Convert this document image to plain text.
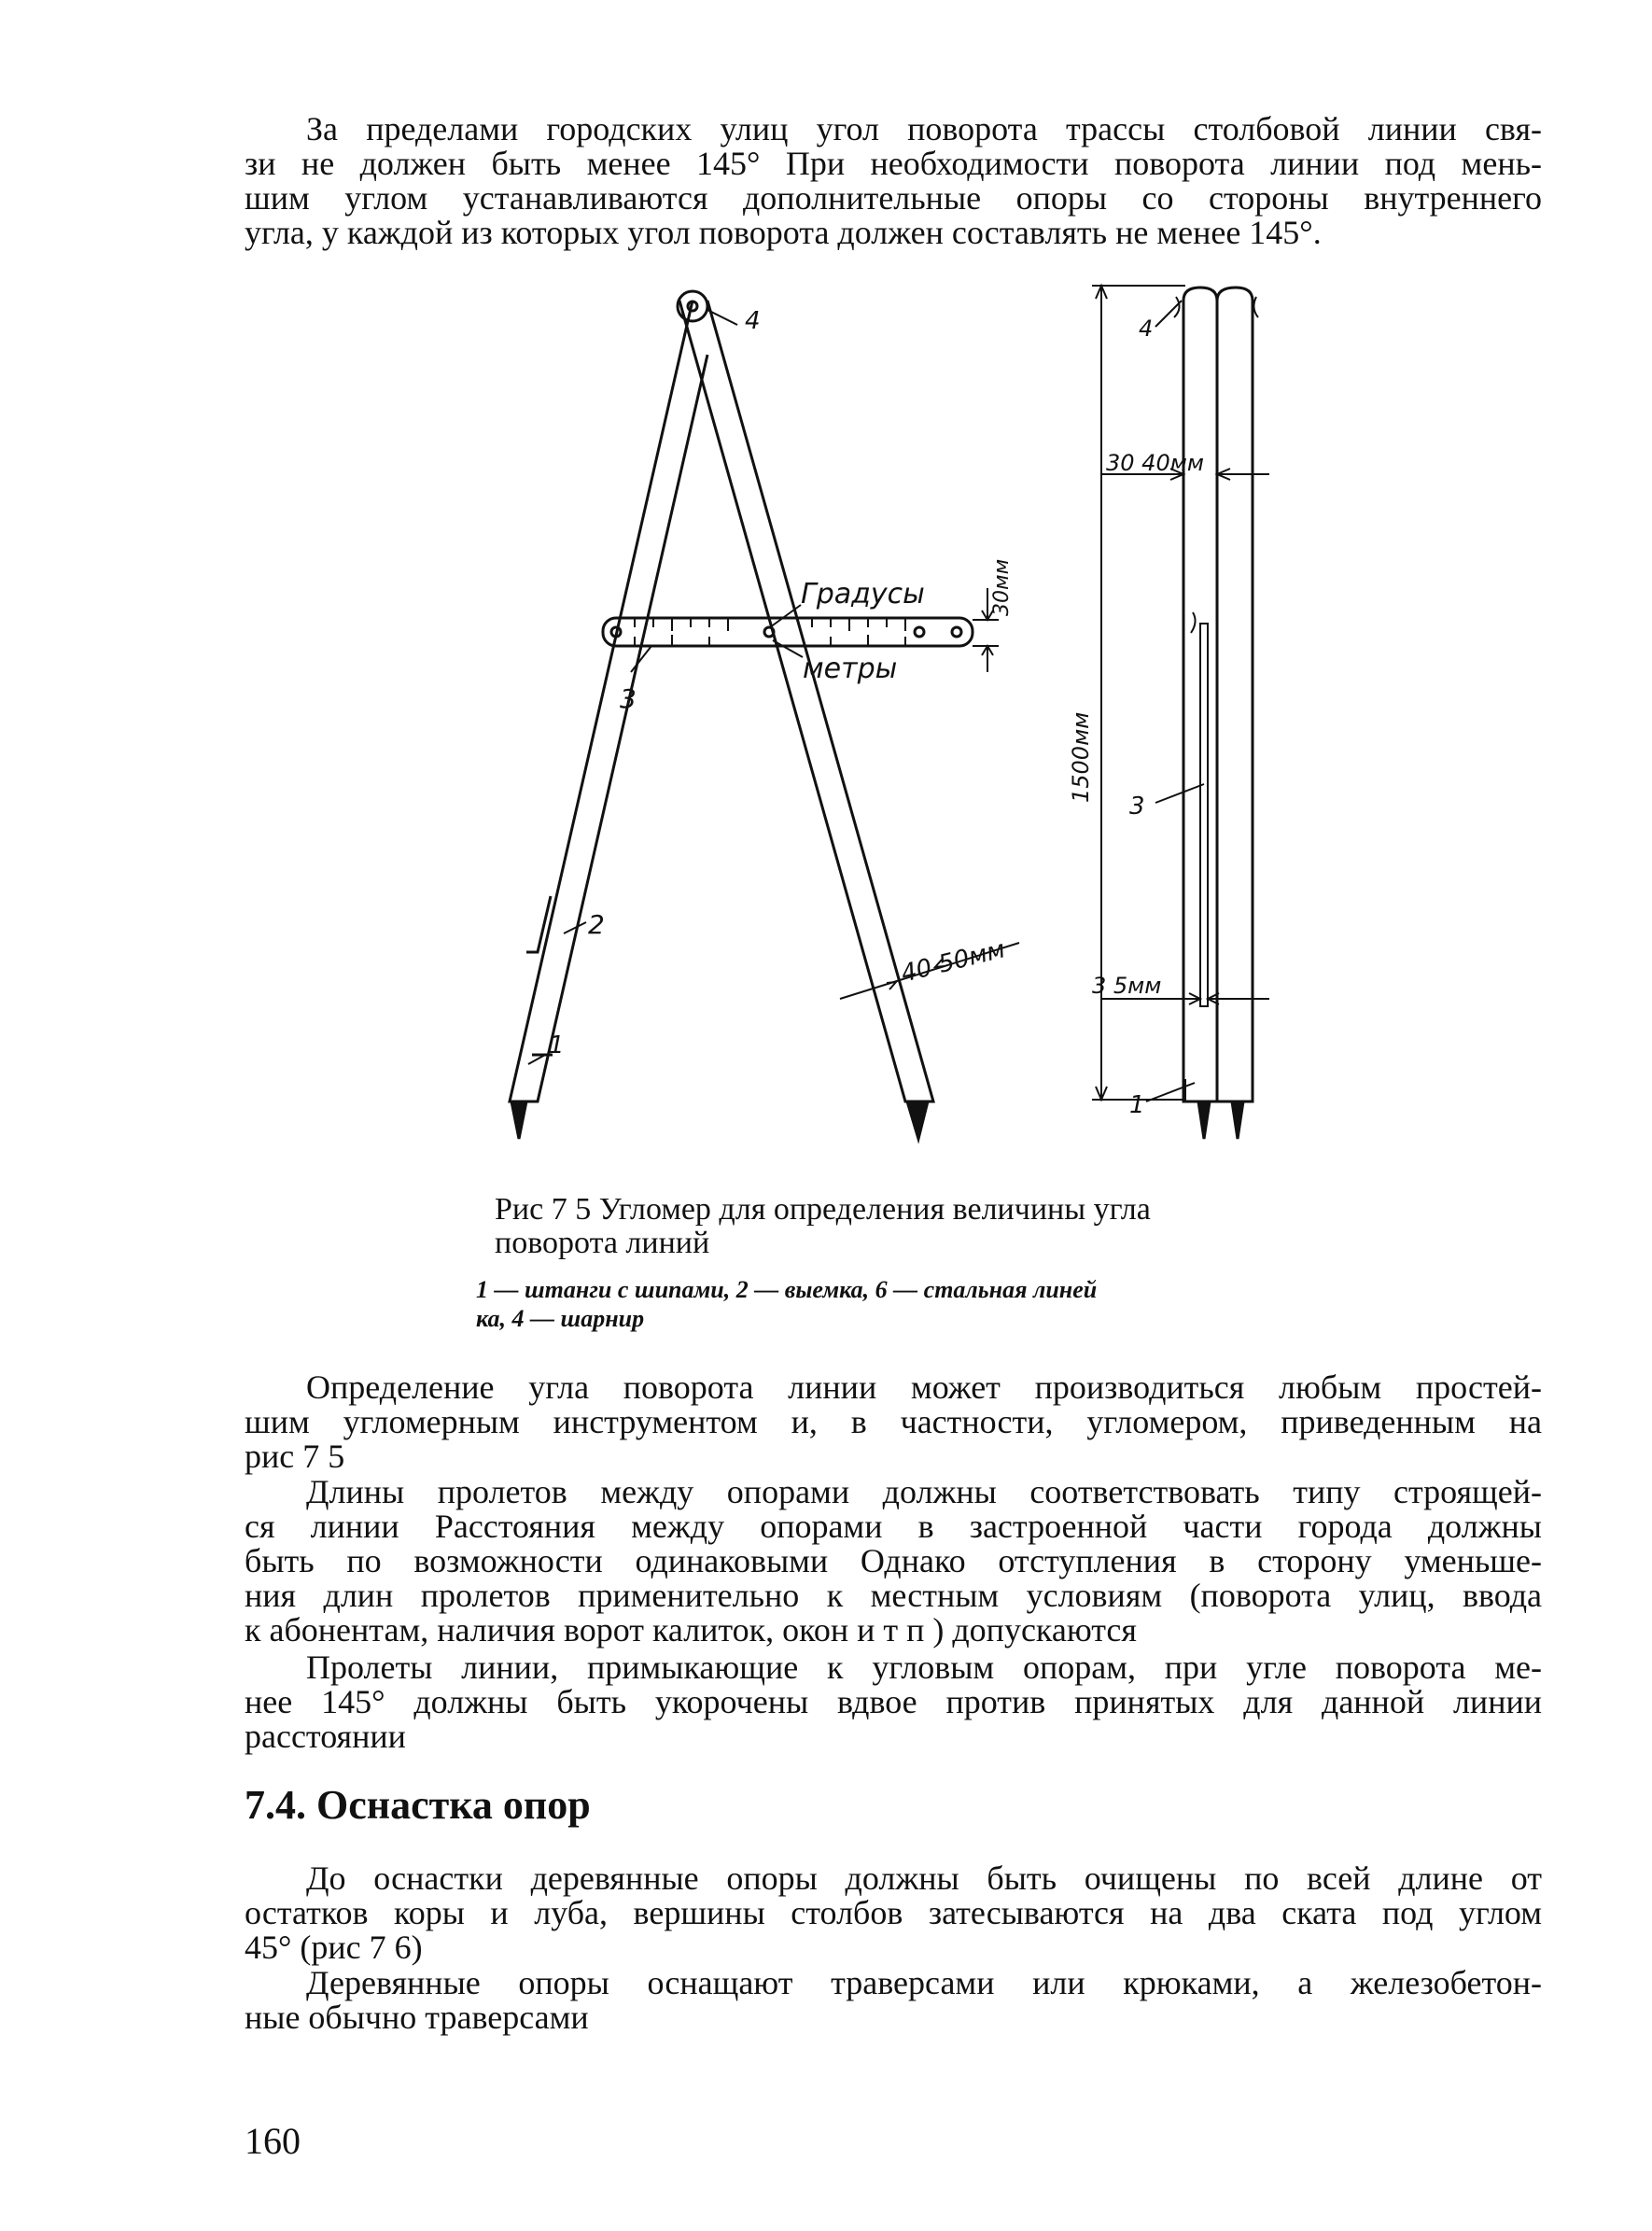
За пределами городских улиц угол поворота трассы столбовой линии свя-
зи не должен быть менее 145° При необходимости поворота линии под мень-
шим углом устанавливаются дополнительные опоры со стороны внутреннего
угла, у каждой из которых угол поворота должен составлять не менее 145°.
4
3
2
1
Градусы
метры
30мм
40 50мм
4
30 40мм
1500мм
3
3 5мм
1
Рис 7 5 Угломер для определения величины угла
поворота линий
1 — штанги с шипами, 2 — выемка, 6 — стальная линей
ка, 4 — шарнир
Определение угла поворота линии может производиться любым простей-
шим угломерным инструментом и, в частности, угломером, приведенным на
рис 7 5
Длины пролетов между опорами должны соответствовать типу строящей-
ся линии Расстояния между опорами в застроенной части города должны
быть по возможности одинаковыми Однако отступления в сторону уменьше-
ния длин пролетов применительно к местным условиям (поворота улиц, ввода
к абонентам, наличия ворот калиток, окон и т п ) допускаются
Пролеты линии, примыкающие к угловым опорам, при угле поворота ме-
нее 145° должны быть укорочены вдвое против принятых для данной линии
расстоянии
7.4. Оснастка опор
До оснастки деревянные опоры должны быть очищены по всей длине от
остатков коры и луба, вершины столбов затесываются на два ската под углом
45° (рис 7 6)
Деревянные опоры оснащают траверсами или крюками, а железобетон-
ные обычно траверсами
160
